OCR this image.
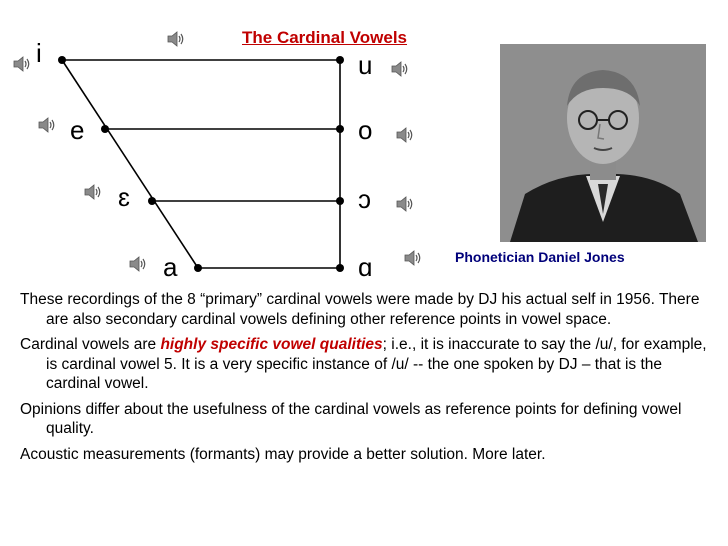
The Cardinal Vowels
i	u
e	o
ɛ	ɔ
a	ɑ	Phonetician Daniel Jones

These recordings of the 8 “primary” cardinal vowels were made by DJ his actual self in 1956. There are also secondary cardinal vowels defining other reference points in vowel space.

Cardinal vowels are highly specific vowel qualities; i.e., it is inaccurate to say the /u/, for example, is cardinal vowel 5. It is a very specific instance of /u/ -- the one spoken by DJ – that is the cardinal vowel.

Opinions differ about the usefulness of the cardinal vowels as reference points for defining vowel quality.

Acoustic measurements (formants) may provide a better solution. More later.
